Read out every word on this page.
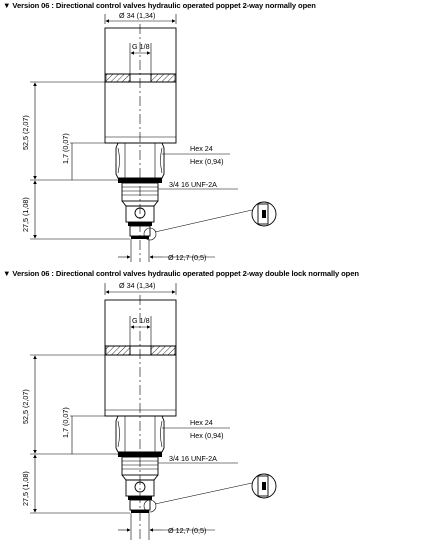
▼ Version 06 : Directional control valves hydraulic operated poppet 2-way normally open
Ø 34 (1,34)
G 1/8
52,5 (2,07)
27,5 (1,08)
1,7 (0,07)	Hex 24
Hex (0,94)
3/4 16 UNF-2A
Ø 12,7 (0,5)
▼ Version 06 : Directional control valves hydraulic operated poppet 2-way double lock normally open
Ø 34 (1,34)
G 1/8
52,5 (2,07)
27,5 (1,08)
1,7 (0,07)	Hex 24
Hex (0,94)
3/4 16 UNF-2A
Ø 12,7 (0,5)
